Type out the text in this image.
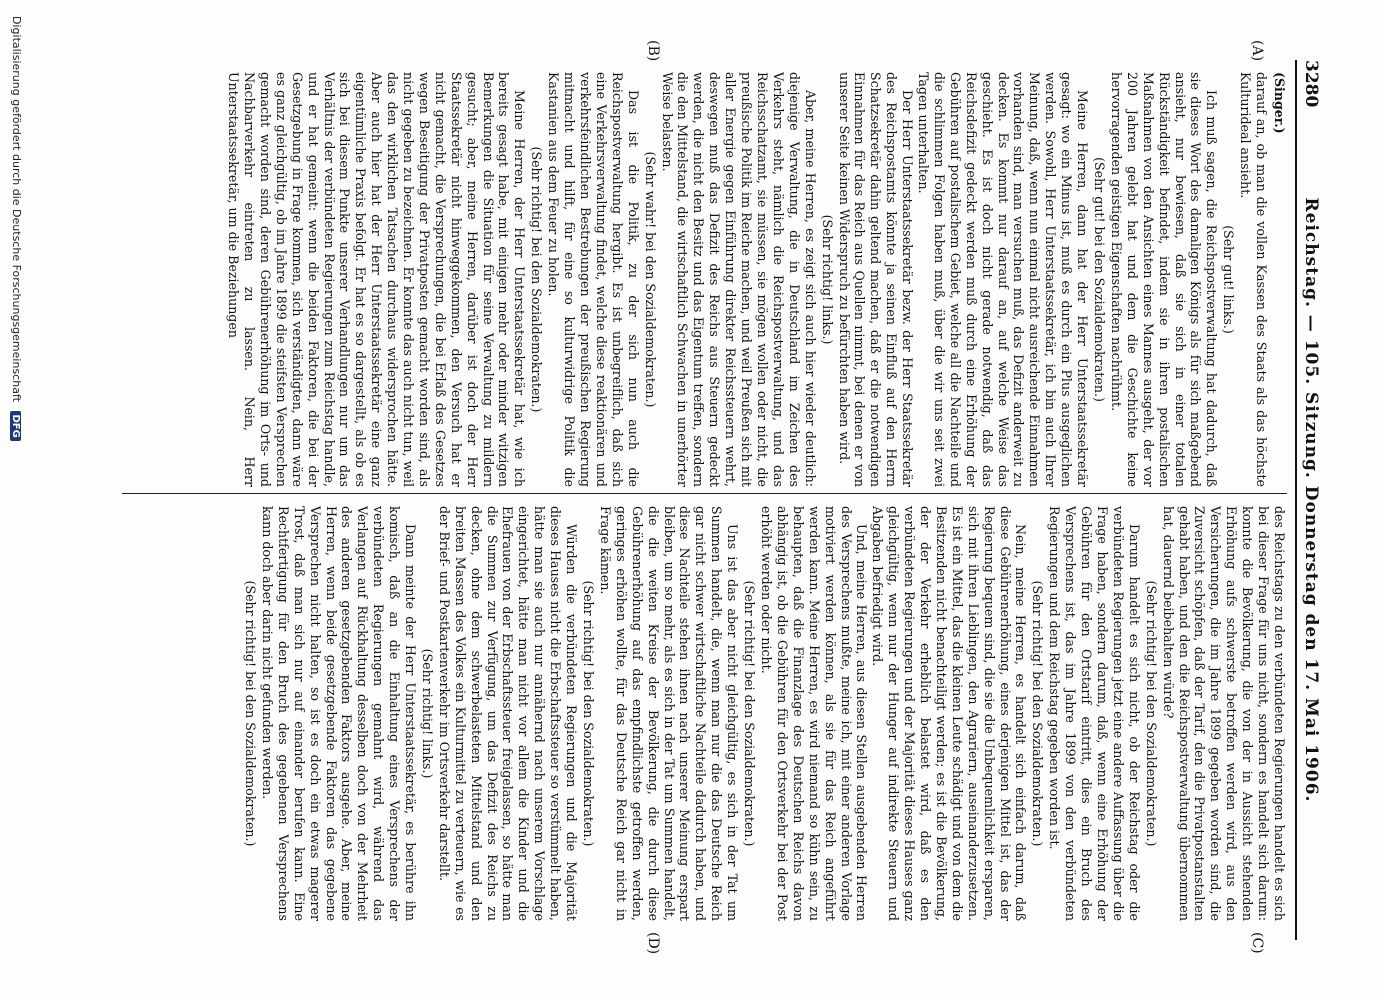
3280
Reichstag. — 105. Sitzung. Donnerstag den 17. Mai 1906.
(A)
(B)
(C)
(D)

(Singer.)

darauf an, ob man die vollen Kassen des Staats als das höchste Kulturideal ansieht.

(Sehr gut! links.)

Ich muß sagen, die Reichspostverwaltung hat dadurch, daß sie dieses Wort des damaligen Königs als für sich maßgebend ansieht, nur bewiesen, daß sie sich in einer totalen Rückständigkeit befindet, indem sie in ihren postalischen Maßnahmen von den Ansichten eines Mannes ausgeht, der vor 200 Jahren gelebt hat und dem die Geschichte keine hervorragenden geistigen Eigenschaften nachrühmt.

(Sehr gut! bei den Sozialdemokraten.)

Meine Herren, dann hat der Herr Unterstaatssekretär gesagt: wo ein Minus ist, muß es durch ein Plus ausgeglichen werden. Sowohl, Herr Unterstaatssekretär, ich bin auch Ihrer Meinung, daß, wenn nun einmal nicht ausreichende Einnahmen vorhanden sind, man versuchen muß, das Defizit anderweit zu decken. Es kommt nur darauf an, auf welche Weise das geschieht. Es ist doch nicht gerade notwendig, daß das Reichsdefizit gedeckt werden muß durch eine Erhöhung der Gebühren auf postalischem Gebiet, welche all die Nachteile und die schlimmen Folgen haben muß, über die wir uns seit zwei Tagen unterhalten.

Der Herr Unterstaatssekretär bezw. der Herr Staatssekretär des Reichspostamts könnte ja seinen Einfluß auf den Herrn Schatzsekretär dahin geltend machen, daß er die notwendigen Einnahmen für das Reich aus Quellen nimmt, bei denen er von unserer Seite keinen Widerspruch zu befürchten haben wird.

(Sehr richtig! links.)

Aber, meine Herren, es zeigt sich auch hier wieder deutlich: diejenige Verwaltung, die in Deutschland im Zeichen des Verkehrs steht, nämlich die Reichspostverwaltung, und das Reichsschatzamt, sie müssen, sie mögen wollen oder nicht, die preußische Politik im Reiche machen, und weil Preußen sich mit aller Energie gegen Einführung direkter Reichssteuern wehrt, deswegen muß das Defizit des Reichs aus Steuern gedeckt werden, die nicht den Besitz und das Eigentum treffen, sondern die den Mittelstand, die wirtschaftlich Schwachen in unerhörter Weise belasten.

(Sehr wahr! bei den Sozialdemokraten.)

Das ist die Politik, zu der sich nun auch die Reichspostverwaltung hergibt. Es ist unbegreiflich, daß sich eine Verkehrsverwaltung findet, welche diese reaktionären und verkehrsfeindlichen Bestrebungen der preußischen Regierung mitmacht und hilft, für eine so kulturwidrige Politik die Kastanien aus dem Feuer zu holen.

(Sehr richtig! bei den Sozialdemokraten.)

Meine Herren, der Herr Unterstaatssekretär hat, wie ich bereits gesagt habe, mit einigen mehr oder minder witzigen Bemerkungen die Situation für seine Verwaltung zu mildern gesucht; aber, meine Herren, darüber ist doch der Herr Staatssekretär nicht hinweggekommen, den Versuch hat er nicht gemacht, die Versprechungen, die bei Erlaß des Gesetzes wegen Beseitigung der Privatposten gemacht worden sind, als nicht gegeben zu bezeichnen. Er konnte das auch nicht tun, weil das den wirklichen Tatsachen durchaus widersprochen hätte. Aber auch hier hat der Herr Unterstaatssekretär eine ganz eigentümliche Praxis befolgt. Er hat es so dargestellt, als ob es sich bei diesem Punkte unserer Verhandlungen nur um das Verhältnis der verbündeten Regierungen zum Reichstag handle, und er hat gemeint: wenn die beiden Faktoren, die bei der Gesetzgebung in Frage kommen, sich verständigten, dann wäre es ganz gleichgültig, ob im Jahre 1899 die steifsten Versprechen gemacht worden sind, deren Gebührenerhöhung im Orts- und Nachbarverkehr eintreten zu lassen. Nein, Herr Unterstaatssekretär, um die Beziehungen

des Reichstags zu den verbündeten Regierungen handelt es sich bei dieser Frage für uns nicht, sondern es handelt sich darum: konnte die Bevölkerung, die von der in Aussicht stehenden Erhöhung aufs schwerste betroffen werden wird, aus den Versicherungen, die im Jahre 1899 gegeben worden sind, die Zuversicht schöpfen, daß der Tarif, den die Privatpostanstalten gehabt haben, und den die Reichspostverwaltung übernommen hat, dauernd beibehalten würde?

(Sehr richtig! bei den Sozialdemokraten.)

Darum handelt es sich nicht, ob der Reichstag oder die verbündeten Regierungen jetzt eine andere Auffassung über die Frage haben, sondern darum, daß, wenn eine Erhöhung der Gebühren für den Ortstarif eintritt, dies ein Bruch des Versprechens ist, das im Jahre 1899 von den verbündeten Regierungen und dem Reichstag gegeben worden ist.

(Sehr richtig! bei den Sozialdemokraten.)

Nein, meine Herren, es handelt sich einfach darum, daß diese Gebührenerhöhung, eines derjenigen Mittel ist, das der Regierung bequem sind, die sie die Unbequemlichkeit ersparen, sich mit ihren Lieblingen, den Agrariern, auseinanderzusetzen. Es ist ein Mittel, das die kleinen Leute schädigt und von dem die Besitzenden nicht benachteiligt werden; es ist die Bevölkerung, der der Verkehr erheblich belastet wird, daß es den verbündeten Regierungen und der Majorität dieses Hauses ganz gleichgültig, wenn nur der Hunger auf indirekte Steuern und Abgaben befriedigt wird.

Und, meine Herren, aus diesen Stellen ausgebenden Herren des Versprechens mußte, meine ich, mit einer anderen Vorlage motiviert werden können, als sie für das Reich angeführt werden kann. Meine Herren, es wird niemand so kühn sein, zu behaupten, daß die Finanzlage des Deutschen Reichs davon abhängig ist, ob die Gebühren für den Ortsverkehr bei der Post erhöht werden oder nicht.

(Sehr richtig! bei den Sozialdemokraten.)

Uns ist das aber nicht gleichgültig, es sich in der Tat um Summen handelt, die, wenn man nur die das Deutsche Reich gar nicht schwer wirtschaftliche Nachteile dadurch haben, und diese Nachteile stehen ihnen nach unserer Meinung erspart bleiben, um so mehr, als es sich in der Tat um Summen handelt, die die weiten Kreise der Bevölkerung, die durch diese Gebührenerhöhung auf das empfindlichste getroffen werden, geringes erhöhen wollte, für das Deutsche Reich gar nicht in Frage kämen.

(Sehr richtig! bei den Sozialdemokraten.)

Würden die verbündeten Regierungen und die Majorität dieses Hauses nicht die Erbschaftssteuer so verstümmelt haben, hätte man sie auch nur annähernd nach unserem Vorschlage eingerichtet, hätte man nicht vor allem die Kinder und die Ehefrauen von der Erbschaftssteuer freigelassen, so hätte man die Summen zur Verfügung, um das Defizit des Reichs zu decken, ohne dem schwerbelasteten Mittelstand und den breiten Massen des Volkes ein Kulturmittel zu verteuern, wie es der Brief- und Postkartenverkehr im Ortsverkehr darstellt.

(Sehr richtig! links.)

Dann meinte der Herr Unterstaatssekretär, es berühre ihn komisch, daß an die Einhaltung eines Versprechens der verbündeten Regierungen gemahnt wird, während das Verlangen auf Rückhaltung desselben doch von der Mehrheit des anderen gesetzgebenden Faktors ausgehe. Aber, meine Herren, wenn beide gesetzgebende Faktoren das gegebene Versprechen nicht halten, so ist es doch ein etwas magerer Trost, daß man sich nur auf einander berufen kann. Eine Rechtfertigung für den Bruch des gegebenen Versprechens kann doch aber darin nicht gefunden werden.

(Sehr richtig! bei den Sozialdemokraten.)

Digitalisierung gefördert durch die Deutsche Forschungsgemeinschaft DFG
